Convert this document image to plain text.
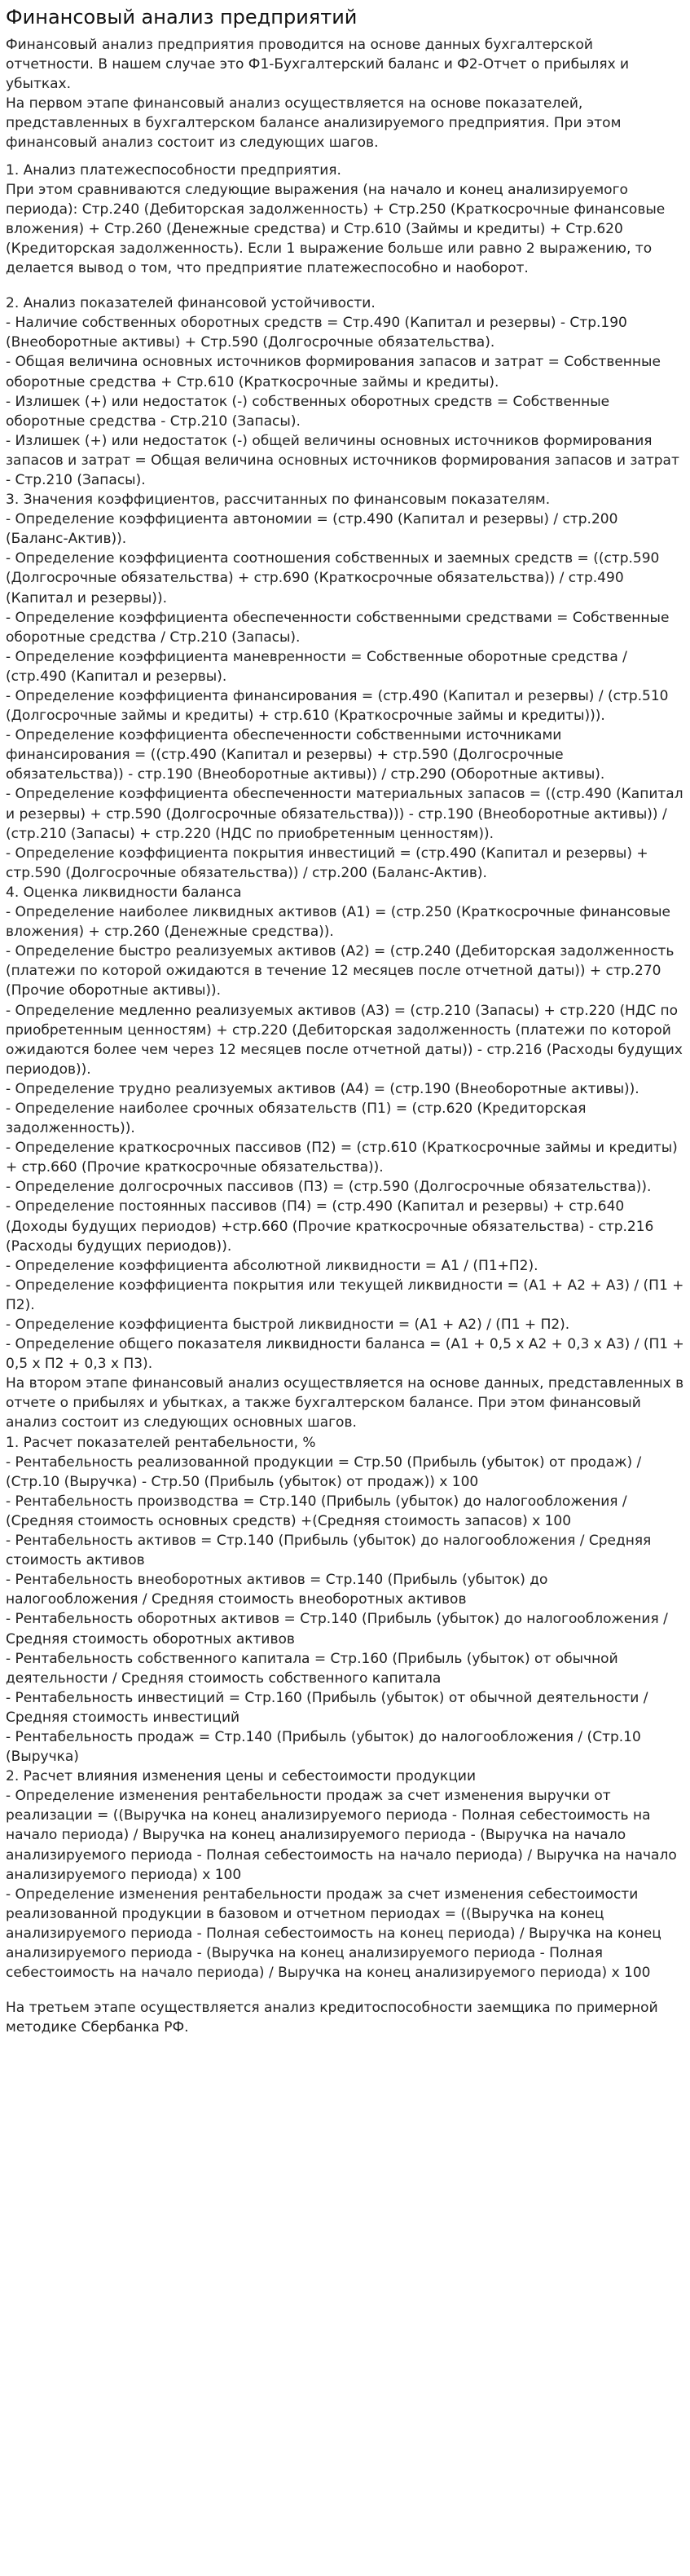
Финансовый анализ предприятий
Финансовый анализ предприятия проводится на основе данных бухгалтерской отчетности. В нашем случае это Ф1-Бухгалтерский баланс и Ф2-Отчет о прибылях и убытках.
На первом этапе финансовый анализ осуществляется на основе показателей, представленных в бухгалтерском балансе анализируемого предприятия. При этом финансовый анализ состоит из следующих шагов.
1. Анализ платежеспособности предприятия.
При этом сравниваются следующие выражения (на начало и конец анализируемого периода): Стр.240 (Дебиторская задолженность) + Стр.250 (Краткосрочные финансовые вложения) + Стр.260 (Денежные средства) и Стр.610 (Займы и кредиты) + Стр.620 (Кредиторская задолженность). Если 1 выражение больше или равно 2 выражению, то делается вывод о том, что предприятие платежеспособно и наоборот.
2. Анализ показателей финансовой устойчивости.
- Наличие собственных оборотных средств = Стр.490 (Капитал и резервы) - Стр.190 (Внеоборотные активы) + Стр.590 (Долгосрочные обязательства).
- Общая величина основных источников формирования запасов и затрат = Собственные оборотные средства + Стр.610 (Краткосрочные займы и кредиты).
- Излишек (+) или недостаток (-) собственных оборотных средств = Собственные оборотные средства - Стр.210 (Запасы).
- Излишек (+) или недостаток (-) общей величины основных источников формирования запасов и затрат = Общая величина основных источников формирования запасов и затрат - Стр.210 (Запасы).
3. Значения коэффициентов, рассчитанных по финансовым показателям.
- Определение коэффициента автономии = (стр.490 (Капитал и резервы) / стр.200 (Баланс-Актив)).
- Определение коэффициента соотношения собственных и заемных средств = ((стр.590 (Долгосрочные обязательства) + стр.690 (Краткосрочные обязательства)) / стр.490 (Капитал и резервы)).
- Определение коэффициента обеспеченности собственными средствами = Собственные оборотные средства / Стр.210 (Запасы).
- Определение коэффициента маневренности = Собственные оборотные средства / (стр.490 (Капитал и резервы).
- Определение коэффициента финансирования = (стр.490 (Капитал и резервы) / (стр.510 (Долгосрочные займы и кредиты) + стр.610 (Краткосрочные займы и кредиты))).
- Определение коэффициента обеспеченности собственными источниками финансирования = ((стр.490 (Капитал и резервы) + стр.590 (Долгосрочные обязательства)) - стр.190 (Внеоборотные активы)) / стр.290 (Оборотные активы).
- Определение коэффициента обеспеченности материальных запасов = ((стр.490 (Капитал и резервы) + стр.590 (Долгосрочные обязательства))) - стр.190 (Внеоборотные активы)) / (стр.210 (Запасы) + стр.220 (НДС по приобретенным ценностям)).
- Определение коэффициента покрытия инвестиций = (стр.490 (Капитал и резервы) + стр.590 (Долгосрочные обязательства)) / стр.200 (Баланс-Актив).
4. Оценка ликвидности баланса
- Определение наиболее ликвидных активов (А1) = (стр.250 (Краткосрочные финансовые вложения) + стр.260 (Денежные средства)).
- Определение быстро реализуемых активов (А2) = (стр.240 (Дебиторская задолженность (платежи по которой ожидаются в течение 12 месяцев после отчетной даты)) + стр.270 (Прочие оборотные активы)).
- Определение медленно реализуемых активов (А3) = (стр.210 (Запасы) + стр.220 (НДС по приобретенным ценностям) + стр.220 (Дебиторская задолженность (платежи по которой ожидаются более чем через 12 месяцев после отчетной даты)) - стр.216 (Расходы будущих периодов)).
- Определение трудно реализуемых активов (А4) = (стр.190 (Внеоборотные активы)).
- Определение наиболее срочных обязательств (П1) = (стр.620 (Кредиторская задолженность)).
- Определение краткосрочных пассивов (П2) = (стр.610 (Краткосрочные займы и кредиты) + стр.660 (Прочие краткосрочные обязательства)).
- Определение долгосрочных пассивов (П3) = (стр.590 (Долгосрочные обязательства)).
- Определение постоянных пассивов (П4) = (стр.490 (Капитал и резервы) + стр.640 (Доходы будущих периодов) +стр.660 (Прочие краткосрочные обязательства) - стр.216 (Расходы будущих периодов)).
- Определение коэффициента абсолютной ликвидности = А1 / (П1+П2).
- Определение коэффициента покрытия или текущей ликвидности = (А1 + А2 + А3) / (П1 + П2).
- Определение коэффициента быстрой ликвидности = (А1 + А2) / (П1 + П2).
- Определение общего показателя ликвидности баланса = (А1 + 0,5 х А2 + 0,3 х А3) / (П1 + 0,5 х П2 + 0,3 х П3).
На втором этапе финансовый анализ осуществляется на основе данных, представленных в отчете о прибылях и убытках, а также бухгалтерском балансе. При этом финансовый анализ состоит из следующих основных шагов.
1. Расчет показателей рентабельности, %
- Рентабельность реализованной продукции = Стр.50 (Прибыль (убыток) от продаж) / (Стр.10 (Выручка) - Стр.50 (Прибыль (убыток) от продаж)) х 100
- Рентабельность производства = Стр.140 (Прибыль (убыток) до налогообложения / (Средняя стоимость основных средств) +(Средняя стоимость запасов) х 100
- Рентабельность активов = Стр.140 (Прибыль (убыток) до налогообложения / Средняя стоимость активов
- Рентабельность внеоборотных активов = Стр.140 (Прибыль (убыток) до налогообложения / Средняя стоимость внеоборотных активов
- Рентабельность оборотных активов = Стр.140 (Прибыль (убыток) до налогообложения / Средняя стоимость оборотных активов
- Рентабельность собственного капитала = Стр.160 (Прибыль (убыток) от обычной деятельности / Средняя стоимость собственного капитала
- Рентабельность инвестиций = Стр.160 (Прибыль (убыток) от обычной деятельности / Средняя стоимость инвестиций
- Рентабельность продаж = Стр.140 (Прибыль (убыток) до налогообложения / (Стр.10 (Выручка)
2. Расчет влияния изменения цены и себестоимости продукции
- Определение изменения рентабельности продаж за счет изменения выручки от реализации = ((Выручка на конец анализируемого периода - Полная себестоимость на начало периода) / Выручка на конец анализируемого периода - (Выручка на начало анализируемого периода - Полная себестоимость на начало периода) / Выручка на начало анализируемого периода) х 100
- Определение изменения рентабельности продаж за счет изменения себестоимости реализованной продукции в базовом и отчетном периодах = ((Выручка на конец анализируемого периода - Полная себестоимость на конец периода) / Выручка на конец анализируемого периода - (Выручка на конец анализируемого периода - Полная себестоимость на начало периода) / Выручка на конец анализируемого периода) х 100
На третьем этапе осуществляется анализ кредитоспособности заемщика по примерной методике Сбербанка РФ.
